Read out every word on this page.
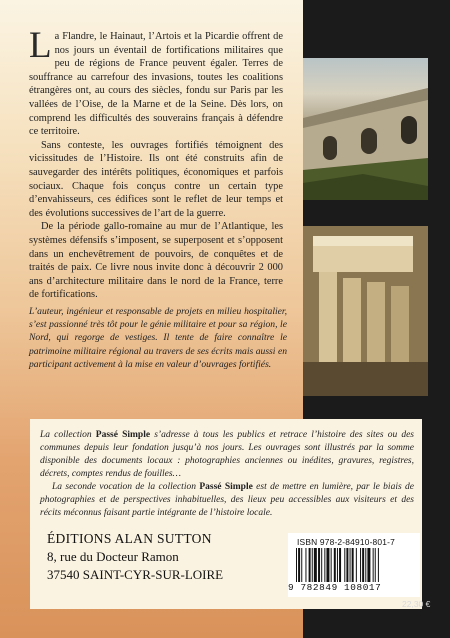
La Flandre, le Hainaut, l’Artois et la Picardie offrent de nos jours un éventail de fortifications militaires que peu de régions de France peuvent égaler. Terres de souffrance au carrefour des invasions, toutes les coalitions étrangères ont, au cours des siècles, fondu sur Paris par les vallées de l’Oise, de la Marne et de la Seine. Dès lors, on comprend les difficultés des souverains français à défendre ce territoire.

Sans conteste, les ouvrages fortifiés témoignent des vicissitudes de l’Histoire. Ils ont été construits afin de sauvegarder des intérêts politiques, économiques et parfois sociaux. Chaque fois conçus contre un certain type d’envahisseurs, ces édifices sont le reflet de leur temps et des évolutions successives de l’art de la guerre.

De la période gallo-romaine au mur de l’Atlantique, les systèmes défensifs s’imposent, se superposent et s’opposent dans un enchevêtrement de pouvoirs, de conquêtes et de traités de paix. Ce livre nous invite donc à découvrir 2 000 ans d’architecture militaire dans le nord de la France, terre de fortifications.

L’auteur, ingénieur et responsable de projets en milieu hospitalier, s’est passionné très tôt pour le génie militaire et pour sa région, le Nord, qui regorge de vestiges. Il tente de faire connaître le patrimoine militaire régional au travers de ses écrits mais aussi en participant activement à la mise en valeur d’ouvrages fortifiés.

La collection Passé Simple s’adresse à tous les publics et retrace l’histoire des sites ou des communes depuis leur fondation jusqu’à nos jours. Les ouvrages sont illustrés par la somme disponible des documents locaux : photographies anciennes ou inédites, gravures, registres, décrets, comptes rendus de fouilles…

La seconde vocation de la collection Passé Simple est de mettre en lumière, par le biais de photographies et de perspectives inhabituelles, des lieux peu accessibles aux visiteurs et des récits méconnus faisant partie intégrante de l’histoire locale.

ÉDITIONS ALAN SUTTON
8, rue du Docteur Ramon
37540 SAINT-CYR-SUR-LOIRE
ISBN 978-2-84910-801-7
9 782849 108017
22,30 €
